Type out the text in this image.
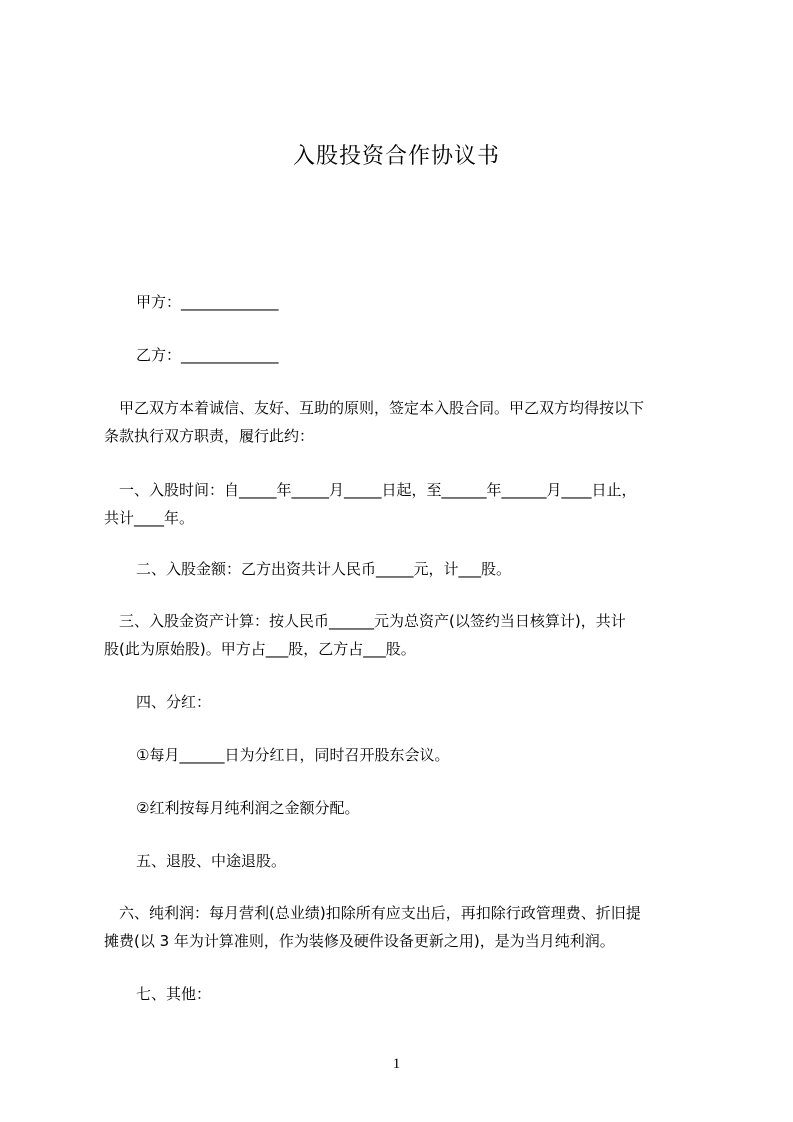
入股投资合作协议书
甲方：_____________
乙方：_____________
　甲乙双方本着诚信、友好、互助的原则，签定本入股合同。甲乙双方均得按以下
条款执行双方职责，履行此约：
　一、入股时间：自_____年_____月_____日起，至______年______月____日止，
共计____年。
二、入股金额：乙方出资共计人民币_____元，计___股。
　三、入股金资产计算：按人民币______元为总资产(以签约当日核算计)，共计
股(此为原始股)。甲方占___股，乙方占___股。
四、分红：
①每月______日为分红日，同时召开股东会议。
②红利按每月纯利润之金额分配。
五、退股、中途退股。
　六、纯利润：每月营利(总业绩)扣除所有应支出后，再扣除行政管理费、折旧提
摊费(以 3 年为计算准则，作为装修及硬件设备更新之用)，是为当月纯利润。
七、其他：
1
